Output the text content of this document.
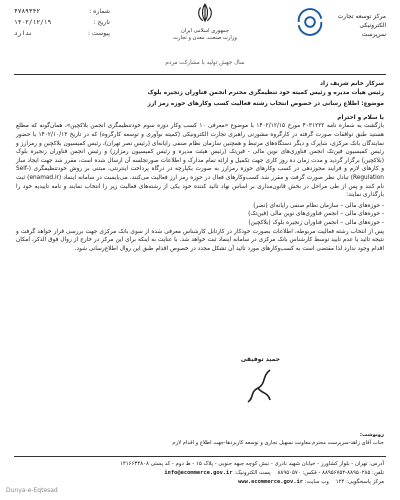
شماره :
۴۷۸۹۳۴۲
تاریخ :
۱۴۰۲/۱۲/۱۹
پیوست :
ندارد	جمهوری اسلامی ایران
وزارت صنعت، معدن و تجارت
سال جهش تولید با مشارکت مردم
مرکز توسعه تجارت الکترونیکی
سرپرست

سرکار خانم شریف زاد

رئیس هیأت مدیره و رئیس کمیته خود تنظیمگری محترم انجمن فناوران زنجیره بلوک

موضوع: اطلاع رسانی در خصوص انتخاب رشته فعالیت کسب وکارهای حوزه رمز ارز

با سلام و احترام

بازگشت به شماره نامه ۴۰۳۱۲۲۲ مورخ ۱۴۰۲/۱۲/۱۵ با موضوع «معرفی ۱۰ کسب وکار دوره سوم خودتنظیمگری انجمن بلاکچین»، همان‌گونه که مطلع هستید طبق توافقات صورت گرفته در کارگروه مشورتی راهبری تجارت الکترونیکی (کمیته نوآوری و توسعه کارگروه) که در تاریخ ۱۴۰۲/۱۰/۱۳ با حضور نمایندگان بانک مرکزی، شاپرک و دیگر دستگاه‌های مرتبط و همچنین سازمان نظام صنفی رایانه‌ای (رئیس نصر تهران)، رئیس کمیسیون بلاکچین و رمزارز و رئیس کمیسیون فین‌تک انجمن فناوری‌های نوین مالی - فین‌تک (رئیس هیئت مدیره و رئیس کمیسیون رمزارز) و رئیس انجمن فناوران زنجیره بلوک (بلاکچین) برگزار گردید و مدت زمان ده روز کاری جهت تکمیل و ارائه تمام مدارک و اطلاعات صورتجلسه آن ارسال شده است، مقرر شد جهت ایجاد ساز و کارهای لازم و فرایند مجوزدهی در کسب وکارهای حوزه رمزارز به صورت یکپارچه در درگاه پرداخت اینترنتی، مبتنی بر روش خودتنظیمگری (Self-Regulation) تبادل نظر صورت گرفت و مقرر شد کسب‌وکارهای فعال در حوزه رمز ارز فعالیت می‌کنند، می‌بایست در سامانه اینماد (enamad.ir) ثبت نام کنند و پس از طی مراحل در بخش قانون‌مداری بر اساس نهاد تائید کننده خود یکی از رشته‌های فعالیت زیر را انتخاب نمایند و نامه تاییدیه خود را بارگذاری نمایند:

- حوزه‌های مالی – سازمان نظام صنفی رایانه‌ای (نصر)
- حوزه‌های مالی – انجمن فناوری‌های نوین مالی (فین‌تک)
- حوزه‌های مالی – انجمن فناوران زنجیره بلوک (بلاکچین)

پس از انتخاب رشته فعالیت مربوطه، اطلاعات بصورت خودکار در کارتابل کارشناس معرفی شده از سوی بانک مرکزی جهت بررسی قرار خواهد گرفت و نتیجه تائید یا عدم تایید توسط کارشناس بانک مرکزی در سامانه اینماد ثبت خواهد شد. با عنایت به اینکه برای این مرکز در خارج از روال فوق الذکر، امکان اقدام وجود ندارد لذا مقتضی است به کسب‌وکارهای مورد تائید آن تشکل مجدد در خصوص اقدام طبق این روال اطلاع‌رسانی شود.

حمید توفیقی
رونوشت:
جناب آقای زاهد-سرپرست محترم معاونت تسهیل تجاری و توسعه کاربردها-جهت اطلاع و اقدام لازم
آدرس: تهران - بلوار کشاورز - خیابان شهید نادری - نبش کوچه جبهه جنوبی - پلاک ۱۵ - ط دوم - کد پستی ۱۴۱۶۶۳۴۸۰۸
تلفن: ۸۸۹۵۰۲۸۵-۸۸۹۵۶۷۵۴ - فکس: ۸۸۹۵۰۵۷۰    پست الکترونیک: info@ecommerce.gov.ir
مرکز پاسخگویی: ۱۲۴    وب سایت: www.ecommerce.gov.ir
Dunya-e-Eqtesad
